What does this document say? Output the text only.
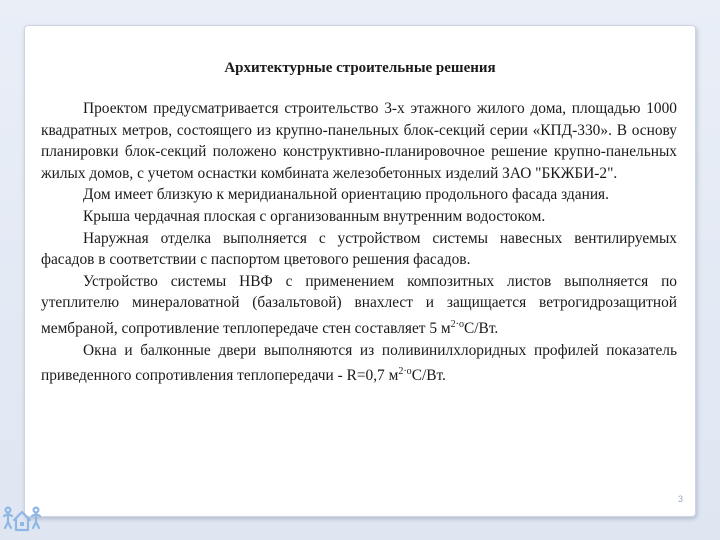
Архитектурные строительные решения

Проектом предусматривается строительство 3-х этажного жилого дома, площадью 1000 квадратных метров, состоящего из крупно-панельных блок-секций серии «КПД-330». В основу планировки блок-секций положено конструктивно-планировочное решение крупно-панельных жилых домов, с учетом оснастки комбината железобетонных изделий ЗАО "БКЖБИ-2".

Дом имеет близкую к меридианальной ориентацию продольного фасада здания.

Крыша чердачная плоская с организованным внутренним водостоком.

Наружная отделка выполняется с устройством системы навесных вентилируемых фасадов в соответствии с паспортом цветового решения фасадов.

Устройство системы НВФ с применением композитных листов выполняется по утеплителю минераловатной (базальтовой) внахлест и защищается ветрогидрозащитной мембраной, сопротивление теплопередаче стен составляет 5 $м^{2\cdot о}С/Вт$.

Окна и балконные двери выполняются из поливинилхлоридных профилей показатель приведенного сопротивления теплопередачи - R=0,7 $м^{2\cdot о}С/Вт$.

3
